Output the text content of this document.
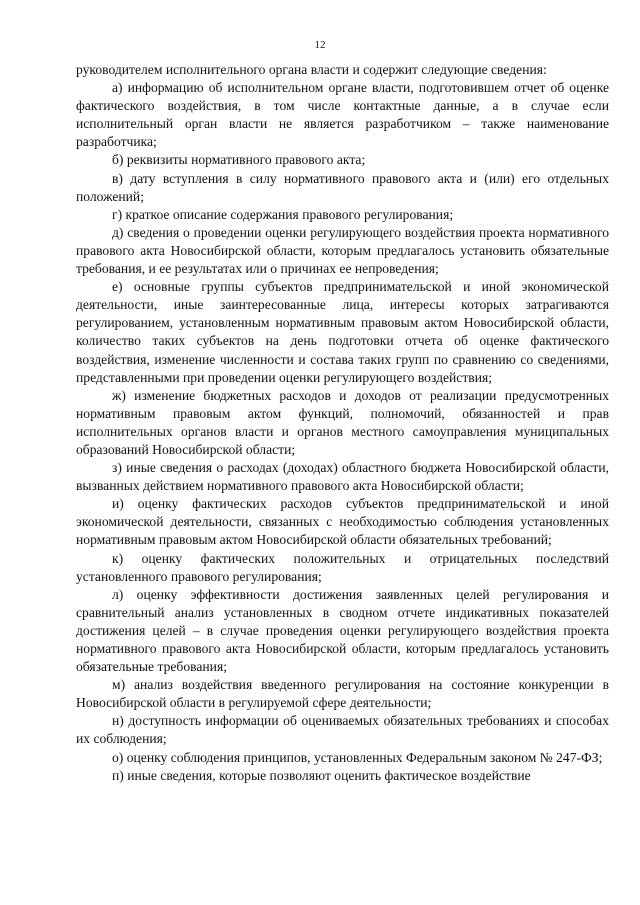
12

руководителем исполнительного органа власти и содержит следующие сведения:

а) информацию об исполнительном органе власти, подготовившем отчет об оценке фактического воздействия, в том числе контактные данные, а в случае если исполнительный орган власти не является разработчиком – также наименование разработчика;

б) реквизиты нормативного правового акта;

в) дату вступления в силу нормативного правового акта и (или) его отдельных положений;

г) краткое описание содержания правового регулирования;

д) сведения о проведении оценки регулирующего воздействия проекта нормативного правового акта Новосибирской области, которым предлагалось установить обязательные требования, и ее результатах или о причинах ее непроведения;

е) основные группы субъектов предпринимательской и иной экономической деятельности, иные заинтересованные лица, интересы которых затрагиваются регулированием, установленным нормативным правовым актом Новосибирской области, количество таких субъектов на день подготовки отчета об оценке фактического воздействия, изменение численности и состава таких групп по сравнению со сведениями, представленными при проведении оценки регулирующего воздействия;

ж) изменение бюджетных расходов и доходов от реализации предусмотренных нормативным правовым актом функций, полномочий, обязанностей и прав исполнительных органов власти и органов местного самоуправления муниципальных образований Новосибирской области;

з) иные сведения о расходах (доходах) областного бюджета Новосибирской области, вызванных действием нормативного правового акта Новосибирской области;

и) оценку фактических расходов субъектов предпринимательской и иной экономической деятельности, связанных с необходимостью соблюдения установленных нормативным правовым актом Новосибирской области обязательных требований;

к) оценку фактических положительных и отрицательных последствий установленного правового регулирования;

л) оценку эффективности достижения заявленных целей регулирования и сравнительный анализ установленных в сводном отчете индикативных показателей достижения целей – в случае проведения оценки регулирующего воздействия проекта нормативного правового акта Новосибирской области, которым предлагалось установить обязательные требования;

м) анализ воздействия введенного регулирования на состояние конкуренции в Новосибирской области в регулируемой сфере деятельности;

н) доступность информации об оцениваемых обязательных требованиях и способах их соблюдения;

о) оценку соблюдения принципов, установленных Федеральным законом № 247-ФЗ;

п) иные сведения, которые позволяют оценить фактическое воздействие
